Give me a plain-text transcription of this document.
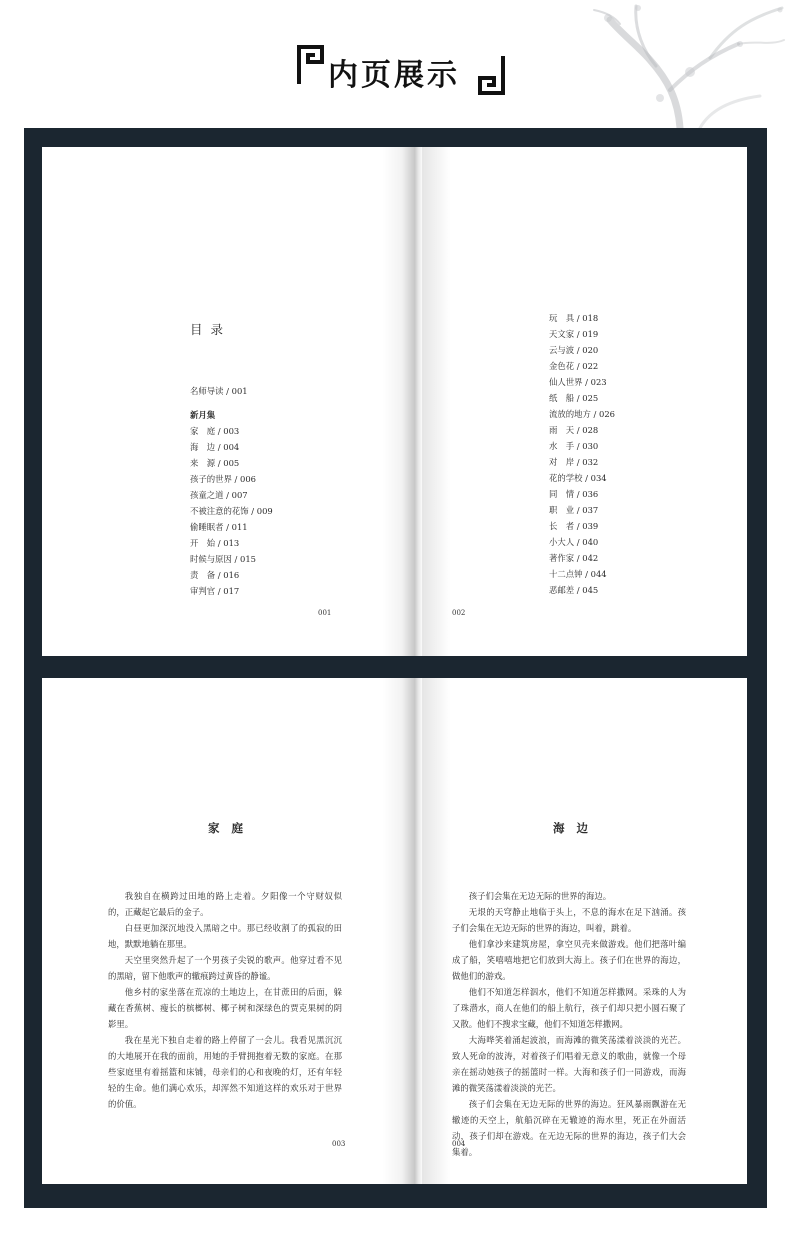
内页展示
目 录
名师导读 / 001
新月集
家　庭 / 003
海　边 / 004
来　源 / 005
孩子的世界 / 006
孩童之道 / 007
不被注意的花饰 / 009
偷睡眠者 / 011
开　始 / 013
时候与原因 / 015
责　备 / 016
审判官 / 017
001
玩　具 / 018
天文家 / 019
云与波 / 020
金色花 / 022
仙人世界 / 023
纸　船 / 025
流放的地方 / 026
雨　天 / 028
水　手 / 030
对　岸 / 032
花的学校 / 034
同　情 / 036
职　业 / 037
长　者 / 039
小大人 / 040
著作家 / 042
十二点钟 / 044
恶邮差 / 045
002
家 庭

我独自在横跨过田地的路上走着。夕阳像一个守财奴似的，正藏起它最后的金子。

白昼更加深沉地没入黑暗之中。那已经收割了的孤寂的田地，默默地躺在那里。

天空里突然升起了一个男孩子尖锐的歌声。他穿过看不见的黑暗，留下他歌声的辙痕跨过黄昏的静谧。

他乡村的家坐落在荒凉的土地边上，在甘蔗田的后面，躲藏在香蕉树、瘦长的槟榔树、椰子树和深绿色的贾克果树的阴影里。

我在星光下独自走着的路上停留了一会儿。我看见黑沉沉的大地展开在我的面前，用她的手臂拥抱着无数的家庭。在那些家庭里有着摇篮和床铺，母亲们的心和夜晚的灯，还有年轻轻的生命。他们满心欢乐，却浑然不知道这样的欢乐对于世界的价值。

003
海 边

孩子们会集在无边无际的世界的海边。

无垠的天穹静止地临于头上，不息的海水在足下汹涌。孩子们会集在无边无际的世界的海边，叫着，跳着。

他们拿沙来建筑房屋，拿空贝壳来做游戏。他们把落叶编成了船，笑嘻嘻地把它们放到大海上。孩子们在世界的海边，做他们的游戏。

他们不知道怎样泅水，他们不知道怎样撒网。采珠的人为了珠潜水，商人在他们的船上航行，孩子们却只把小圆石聚了又散。他们不搜求宝藏，他们不知道怎样撒网。

大海哗笑着涌起波浪，而海滩的微笑荡漾着淡淡的光芒。致人死命的波涛，对着孩子们唱着无意义的歌曲，就像一个母亲在摇动她孩子的摇篮时一样。大海和孩子们一同游戏，而海滩的微笑荡漾着淡淡的光芒。

孩子们会集在无边无际的世界的海边。狂风暴雨飘游在无辙迹的天空上，航船沉碎在无辙迹的海水里，死正在外面活动，孩子们却在游戏。在无边无际的世界的海边，孩子们大会集着。

004
